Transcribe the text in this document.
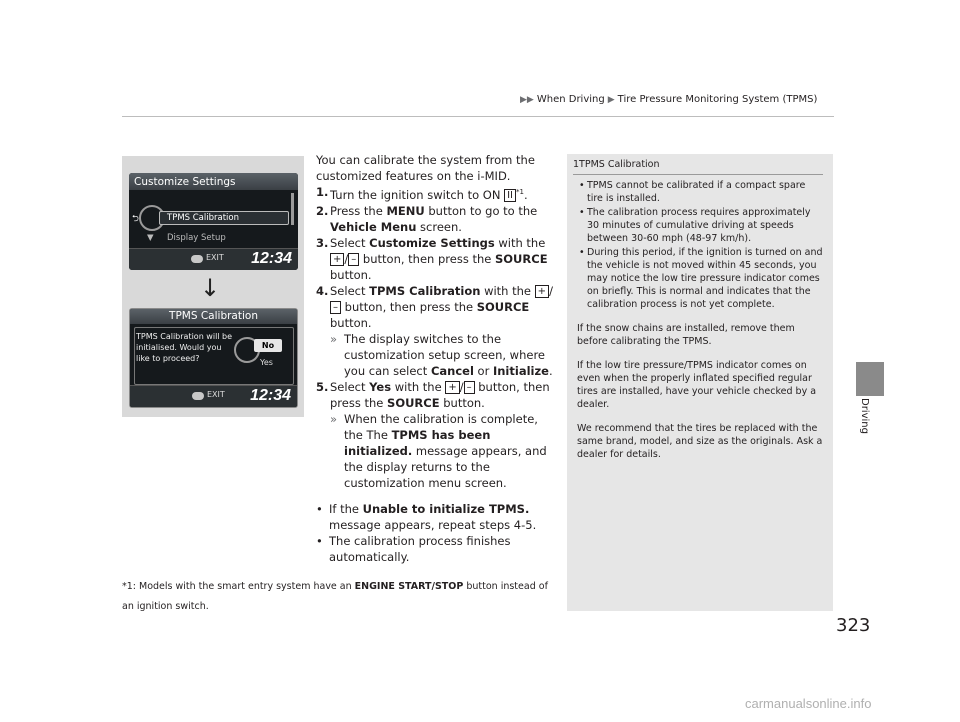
▶▶ When Driving ▶ Tire Pressure Monitoring System (TPMS)
Driving
Customize Settings
⮌	TPMS Calibration
Display Setup
▼
EXIT 12:34
↓
TPMS Calibration
TPMS Calibration will be initialised. Would you like to proceed?
No
Yes
EXIT 12:34

You can calibrate the system from the customized features on the i-MID.

1. Turn the ignition switch to ON II $^{*1}$.
2. Press the MENU button to go to the Vehicle Menu screen.
3. Select Customize Settings with the + / – button, then press the SOURCE button.
4. Select TPMS Calibration with the + /– button, then press the SOURCE button.
» The display switches to the customization setup screen, where you can select Cancel or Initialize.
5. Select Yes with the + / – button, then press the SOURCE button.
» When the calibration is complete, the The TPMS has been initialized. message appears, and the display returns to the customization menu screen.
• If the Unable to initialize TPMS. message appears, repeat steps 4-5.
• The calibration process finishes automatically.
*1: Models with the smart entry system have an ENGINE START/STOP button instead of an ignition switch.
1TPMS Calibration
• TPMS cannot be calibrated if a compact spare tire is installed.
• The calibration process requires approximately 30 minutes of cumulative driving at speeds between 30-60 mph (48-97 km/h).
• During this period, if the ignition is turned on and the vehicle is not moved within 45 seconds, you may notice the low tire pressure indicator comes on briefly. This is normal and indicates that the calibration process is not yet complete.

If the snow chains are installed, remove them before calibrating the TPMS.

If the low tire pressure/TPMS indicator comes on even when the properly inflated specified regular tires are installed, have your vehicle checked by a dealer.

We recommend that the tires be replaced with the same brand, model, and size as the originals. Ask a dealer for details.

323
carmanualsonline.info
